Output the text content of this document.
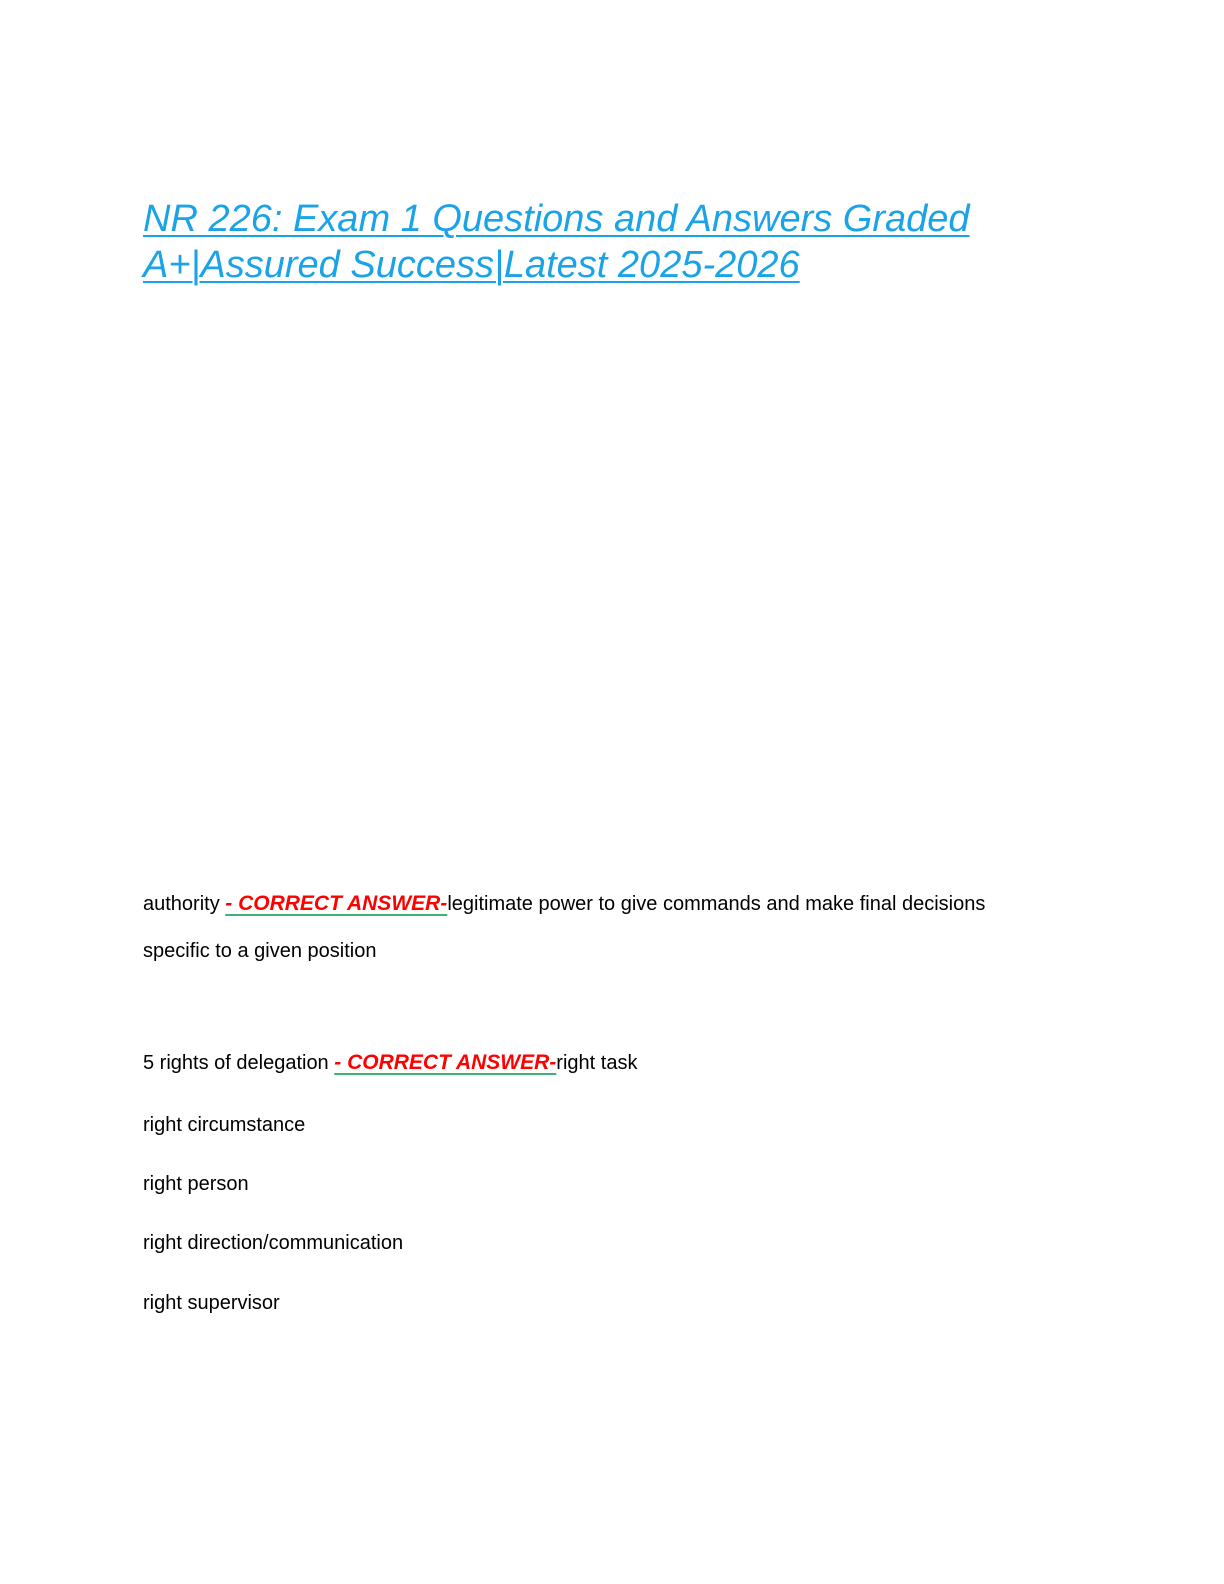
NR 226: Exam 1 Questions and Answers Graded
A+|Assured Success|Latest 2025-2026

authority - CORRECT ANSWER-legitimate power to give commands and make final decisions specific to a given position

5 rights of delegation - CORRECT ANSWER-right task

right circumstance

right person

right direction/communication

right supervisor
